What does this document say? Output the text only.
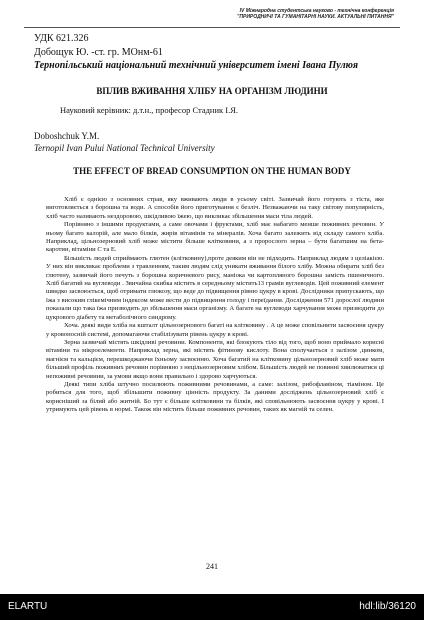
IV Міжнародна студентська науково - технічна конференція
"ПРИРОДНИЧІ ТА ГУМАНІТАРНІ НАУКИ. АКТУАЛЬНІ ПИТАННЯ"
УДК 621.326
Добощук Ю. -ст. гр. МОнм-61
Тернопільський національний технічний університет імені Івана Пулюя
ВПЛИВ ВЖИВАННЯ ХЛІБУ НА ОРГАНІЗМ ЛЮДИНИ
Науковий керівник: д.т.н., професор Стадник І.Я.
Doboshchuk Y.M.
Ternopil Ivan Pului National Technical University
THE EFFECT OF BREAD CONSUMPTION ON THE HUMAN BODY

Хліб є однією з основних страв, яку вживають люди в усьому світі. Зазвичай його готують з тіста, яке виготовляється з борошна та води. А способів його приготування є безліч. Незважаючи на таку світову популярність, хліб часто називають нездоровою, шкідливою їжею, що викликає збільшення маси тіла людей.

Порівняно з іншими продуктами, а саме овочами і фруктами, хліб має набагато менше поживних речовин. У ньому багато калорій, але мало білків, жирів вітамінів та мінералів. Хоча багато залежить від складу самого хліба. Наприклад, цільнозерновий хліб може містити більше клітковини, а з пророслого зерна – бути багатшим на бета-каротин, вітаміни С та Е.

Більшість людей сприймають глютен (клітковину),проте деяким він не підходить. Наприклад людям з целіакією. У них він викликає проблеми з травленням, таким людям слід уникати вживання білого хлібу. Можна обирати хліб без глютену, зазвичай його печуть з борошна коричневого рису, маніока чи картопляного борошна замість пшеничного. Хліб багатий на вуглеводи . Звичайна скибка містить в середньому містить13 грамів вуглеводів. Цей поживний елемент швидко засвоюється, щоб отримати глюкозу, що веде до підвищення рівню цукру в крові. Дослідники припускають, що їжа з високим глікемічним індексом може вести до підвищення голоду і переїдання. Дослідження 571 дорослої людини показали що така їжа призводить до збільшення маси організму. А багате на вуглеводи харчування може призводити до цукрового діабету та метаболічного синдрому.

Хоча. деякі види хліба на кшталт цільнозернового багаті на клітковину . А це може сповільнити засвоєння цукру у кровоносній системі, допомагаючи стабілізувати рівень цукру в крові.

Зерна зазвичай містять шкідливі речовини. Компоненти, які блокують тіло від того, щоб воно приймало корисні вітаміни та мікроелементи. Наприклад зерна, які містять фітинову кислоту. Вона сполучається з залізом ,цинком, магнієм та кальцієм, перешкоджаючи їхньому засвоєнню. Хоча багатий на клітковину цільнозерновий хліб може мати більший профіль поживних речовин порівняно з нецільнозерновим хлібом. Більшість людей не повинні хвилюватися ці непоживні речовини, за умови якщо вони правильно і здорово харчуються.

Деякі типи хліба штучно посилюють поживними речовинами, а саме: залізом, рибофлавіном, тіаміном. Це робиться для того, щоб збільшити поживну цінність продукту. За даними досліджень цільнозерновий хліб є корисніший за білий або житній. Бо тут є більше клітковини та білків, які сповільнюють засвоєння цукру у крові. І утримують цей рівень в нормі. Також він містить більше поживних речовин, таких як магній та селен.

241
ELARTU	hdl:lib/36120
